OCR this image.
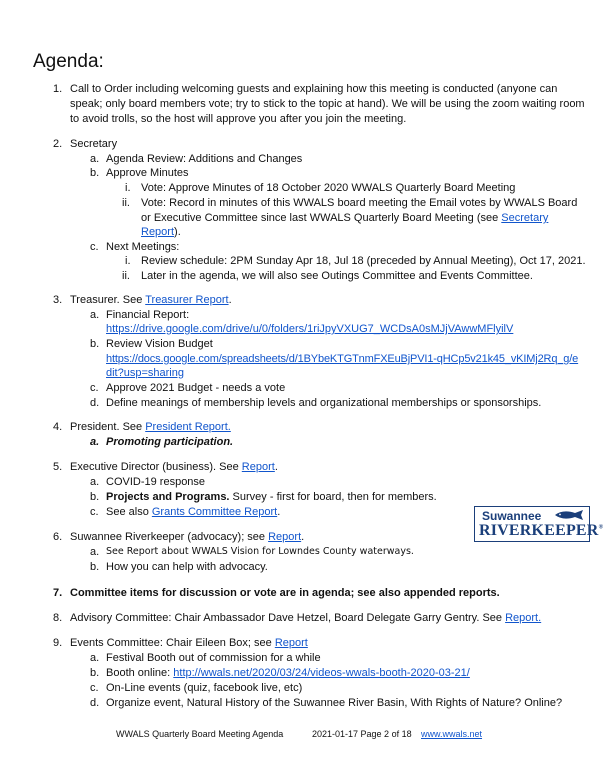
Agenda:
1. Call to Order including welcoming guests and explaining how this meeting is conducted (anyone can
speak; only board members vote; try to stick to the topic at hand). We will be using the zoom waiting room
to avoid trolls, so the host will approve you after you join the meeting.
2. Secretary
a. Agenda Review: Additions and Changes
b. Approve Minutes
i. Vote: Approve Minutes of 18 October 2020 WWALS Quarterly Board Meeting
ii. Vote: Record in minutes of this WWALS board meeting the Email votes by WWALS Board
or Executive Committee since last WWALS Quarterly Board Meeting (see Secretary
Report).
c. Next Meetings:
i. Review schedule: 2PM Sunday Apr 18, Jul 18 (preceded by Annual Meeting), Oct 17, 2021.
ii. Later in the agenda, we will also see Outings Committee and Events Committee.
3. Treasurer. See Treasurer Report.
a. Financial Report:
https://drive.google.com/drive/u/0/folders/1riJpyVXUG7_WCDsA0sMJjVAwwMFlyilV
b. Review Vision Budget
https://docs.google.com/spreadsheets/d/1BYbeKTGTnmFXEuBjPVI1-qHCp5v21k45_vKIMj2Rq_g/e
dit?usp=sharing
c. Approve 2021 Budget - needs a vote
d. Define meanings of membership levels and organizational memberships or sponsorships.
4. President. See President Report.
a. Promoting participation.
5. Executive Director (business). See Report.
a. COVID-19 response
b. Projects and Programs. Survey - first for board, then for members.
c. See also Grants Committee Report.	Suwannee
RIVERKEEPER®
6. Suwannee Riverkeeper (advocacy); see Report.
a. See Report about WWALS Vision for Lowndes County waterways.
b. How you can help with advocacy.
7. Committee items for discussion or vote are in agenda; see also appended reports.
8. Advisory Committee: Chair Ambassador Dave Hetzel, Board Delegate Garry Gentry. See Report.
9. Events Committee: Chair Eileen Box; see Report
a. Festival Booth out of commission for a while
b. Booth online: http://wwals.net/2020/03/24/videos-wwals-booth-2020-03-21/
c. On-Line events (quiz, facebook live, etc)
d. Organize event, Natural History of the Suwannee River Basin, With Rights of Nature? Online?
WWALS Quarterly Board Meeting Agenda	2021-01-17 Page 2 of 18 www.wwals.net
